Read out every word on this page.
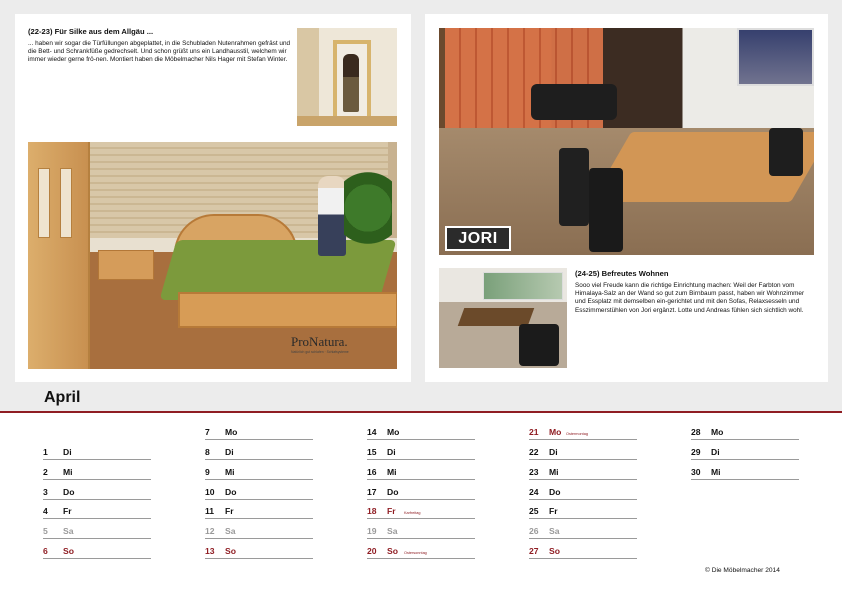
(22-23) Für Silke aus dem Allgäu ...
... haben wir sogar die Türfüllungen abgeplattet, in die Schubladen Nutenrahmen gefräst und die Bett- und Schrankfüße gedrechselt. Und schon grüßt uns ein Landhausstil, welchem wir immer wieder gerne frö-nen. Montiert haben die Möbelmacher Nils Hager mit Stefan Winter.
ProNatura.
Natürlich gut schlafen · Schlafsysteme
JORI
(24-25) Befreutes Wohnen
Sooo viel Freude kann die richtige Einrichtung machen: Weil der Farbton vom Himalaya-Salz an der Wand so gut zum Birnbaum passt, haben wir Wohnzimmer und Essplatz mit demselben ein-gerichtet und mit den Sofas, Relaxsesseln und Esszimmerstühlen von Jori ergänzt. Lotte und Andreas fühlen sich sichtlich wohl.
April
1	Di
2	Mi
3	Do
4	Fr
5	Sa
6	So
7	Mo
8	Di
9	Mi
10	Do
11	Fr
12	Sa
13	So
14	Mo
15	Di
16	Mi
17	Do
18	Fr Karfreitag
19	Sa
20	So Ostersonntag
21	Mo Ostermontag
22	Di
23	Mi
24	Do
25	Fr
26	Sa
27	So
28	Mo
29	Di
30	Mi
© Die Möbelmacher 2014
